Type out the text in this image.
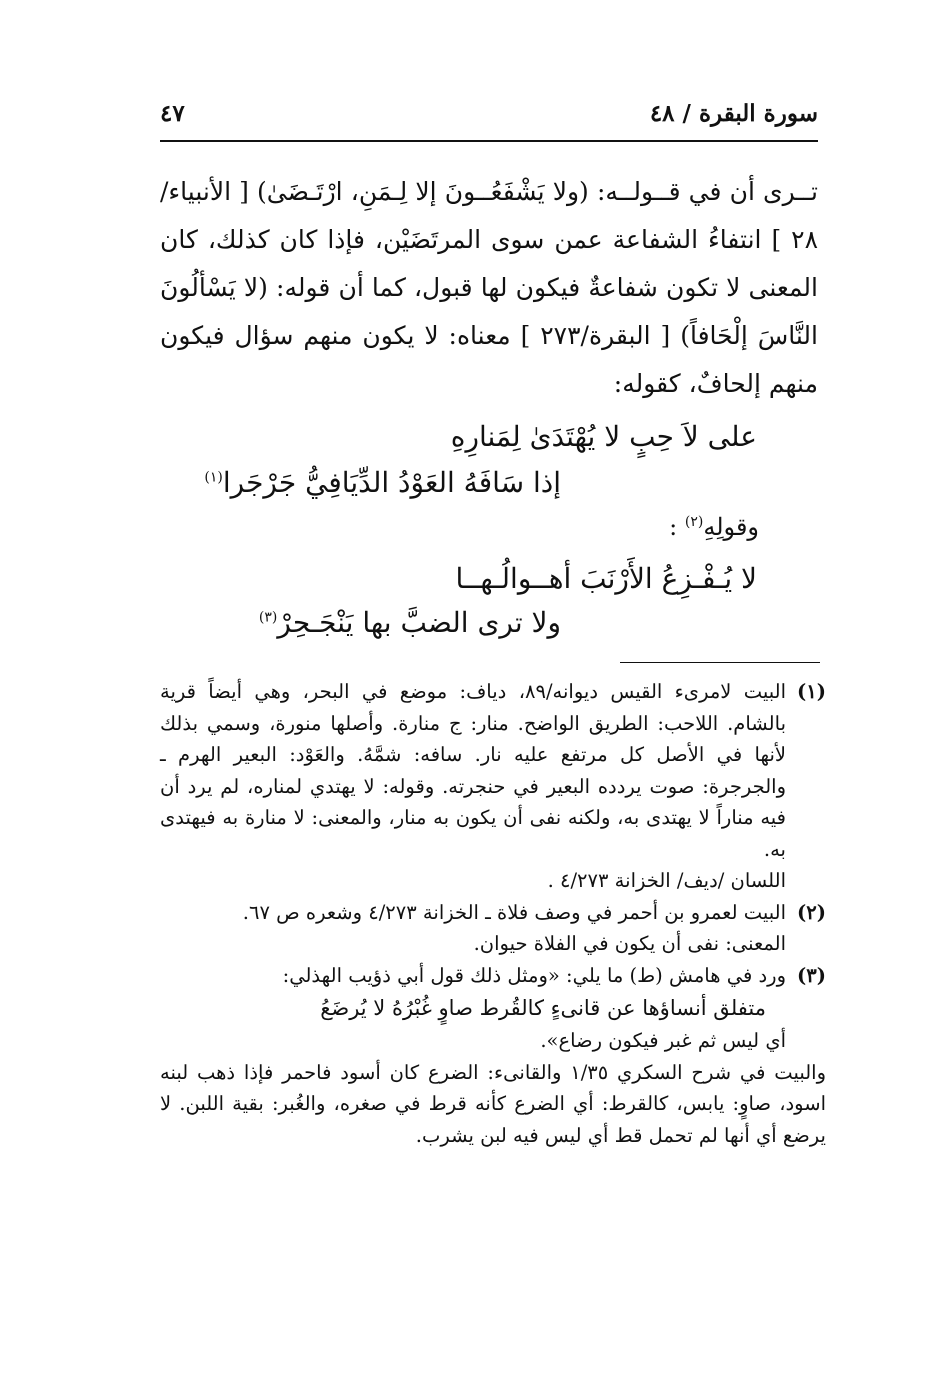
سورة البقرة / ٤٨
٤٧

تــرى أن في قــولــه: (ولا يَشْفَعُــونَ إلا لِـمَنِ، ارْتَـضَىٰ) [ الأنبياء/٢٨ ] انتفاءُ الشفاعة عمن سوى المرتَضَيْن، فإذا كان كذلك، كان المعنى لا تكون شفاعةٌ فيكون لها قبول، كما أن قوله: (لا يَسْألُونَ النَّاسَ إلْحَافاً) [ البقرة/٢٧٣ ] معناه: لا يكون منهم سؤال فيكون منهم إلحافٌ، كقوله:

على لاَ حِبٍ لا يُهْتَدَىٰ لِمَنارِهِ
إذا سَافَهُ العَوْدُ الدِّيَافِيُّ جَرْجَرا$^{(١)}$
وقولِهِ$^{(٢)}$ :
لا يُـفْـزِعُ الأَرْنَبَ أهــوالُـهــا
ولا ترى الضبَّ بها يَنْجَـحِرْ$^{(٣)}$
(١)

البيت لامرىء القيس ديوانه/٨٩، دياف: موضع في البحر، وهي أيضاً قرية بالشام. اللاحب: الطريق الواضح. منار: ج منارة. وأصلها منورة، وسمي بذلك لأنها في الأصل كل مرتفع عليه نار. سافه: شمَّهُ. والعَوْد: البعير الهرم ـ والجرجرة: صوت يردده البعير في حنجرته. وقوله: لا يهتدي لمناره، لم يرد أن فيه مناراً لا يهتدى به، ولكنه نفى أن يكون به منار، والمعنى: لا منارة به فيهتدى به.

اللسان /ديف/ الخزانة ٤/٢٧٣ .

(٢)

البيت لعمرو بن أحمر في وصف فلاة ـ الخزانة ٤/٢٧٣ وشعره ص ٦٧.

المعنى: نفى أن يكون في الفلاة حيوان.

(٣)

ورد في هامش (ط) ما يلي: «ومثل ذلك قول أبي ذؤيب الهذلي:

متفلق أنساؤها عن قانىءٍ كالقُرط صاوٍ غُبْرُهُ لا يُرضَعُ

أي ليس ثم غبر فيكون رضاع».

والبيت في شرح السكري ١/٣٥ والقانىء: الضرع كان أسود فاحمر فإذا ذهب لبنه اسود، صاوٍ: يابس، كالقرط: أي الضرع كأنه قرط في صغره، والغُبر: بقية اللبن. لا يرضع أي أنها لم تحمل قط أي ليس فيه لبن يشرب.
